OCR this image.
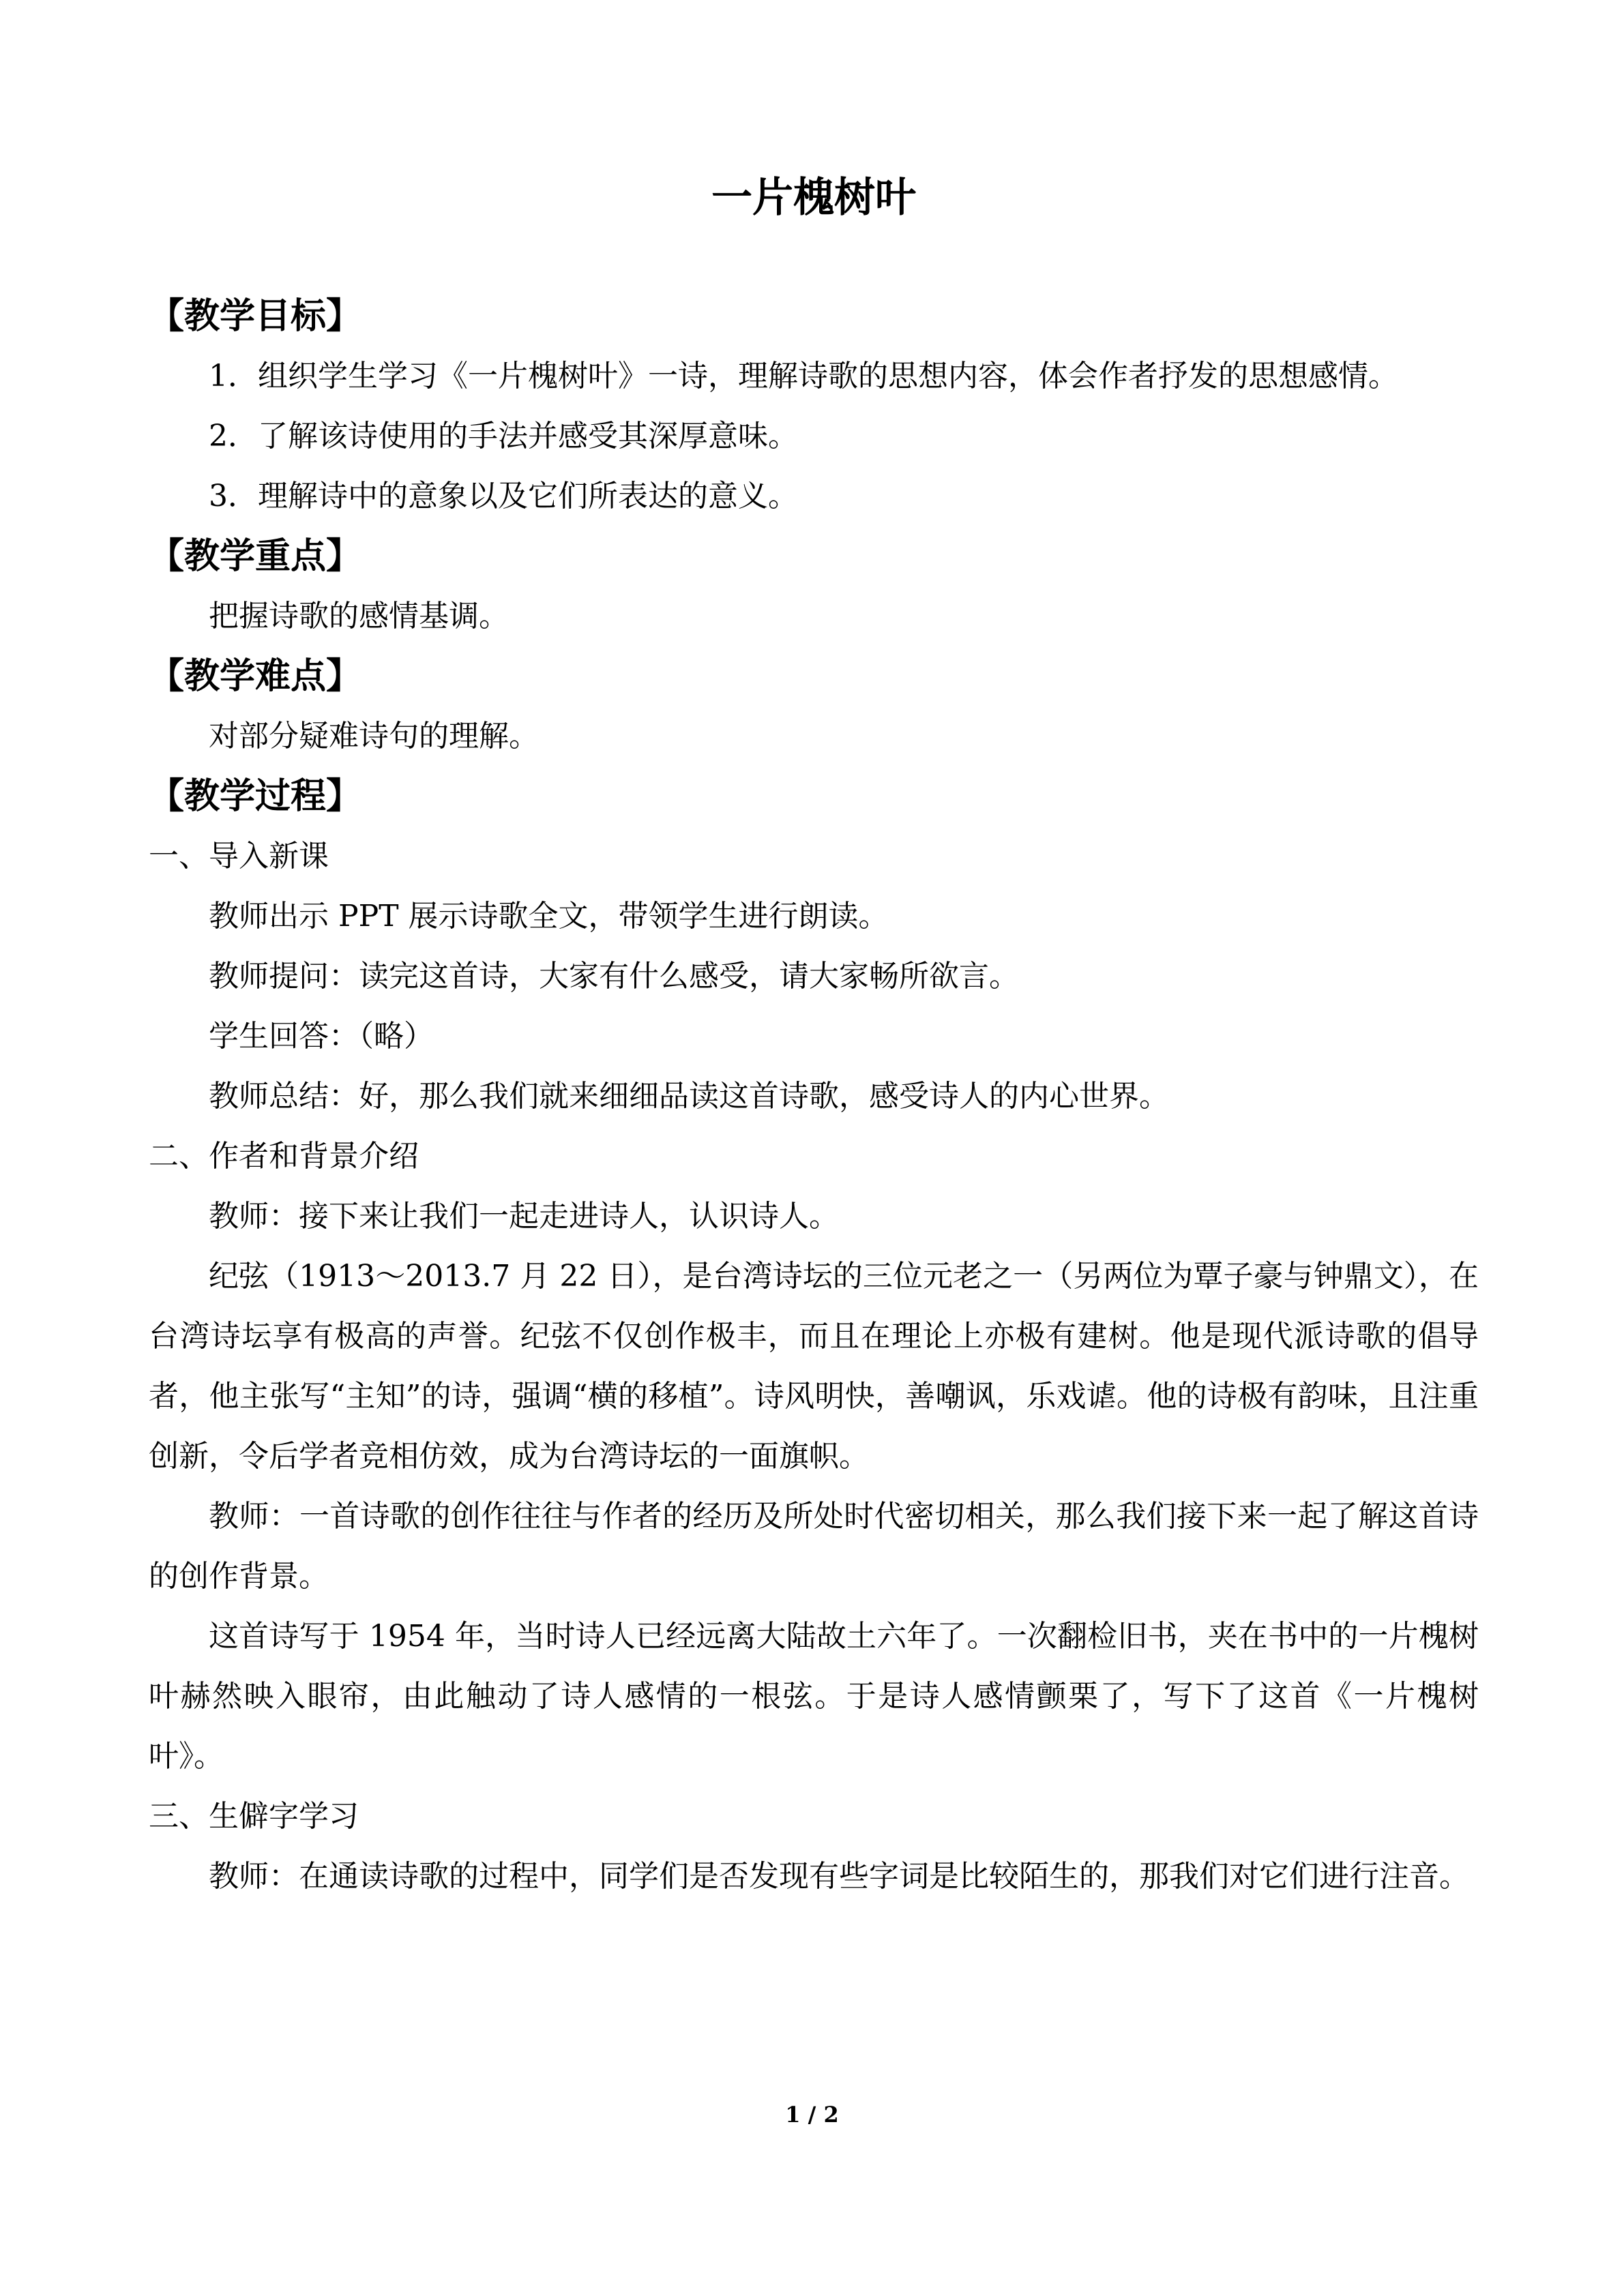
一片槐树叶
【教学目标】

1．组织学生学习《一片槐树叶》一诗，理解诗歌的思想内容，体会作者抒发的思想感情。

2．了解该诗使用的手法并感受其深厚意味。

3．理解诗中的意象以及它们所表达的意义。

【教学重点】

把握诗歌的感情基调。

【教学难点】

对部分疑难诗句的理解。

【教学过程】

一、导入新课

教师出示 PPT 展示诗歌全文，带领学生进行朗读。

教师提问：读完这首诗，大家有什么感受，请大家畅所欲言。

学生回答：（略）

教师总结：好，那么我们就来细细品读这首诗歌，感受诗人的内心世界。

二、作者和背景介绍

教师：接下来让我们一起走进诗人，认识诗人。

纪弦（1913～2013.7 月 22 日），是台湾诗坛的三位元老之一（另两位为覃子豪与钟鼎文），在台湾诗坛享有极高的声誉。纪弦不仅创作极丰，而且在理论上亦极有建树。他是现代派诗歌的倡导者，他主张写“主知”的诗，强调“横的移植”。诗风明快，善嘲讽，乐戏谑。他的诗极有韵味，且注重创新，令后学者竞相仿效，成为台湾诗坛的一面旗帜。

教师：一首诗歌的创作往往与作者的经历及所处时代密切相关，那么我们接下来一起了解这首诗的创作背景。

这首诗写于 1954 年，当时诗人已经远离大陆故土六年了。一次翻检旧书，夹在书中的一片槐树叶赫然映入眼帘，由此触动了诗人感情的一根弦。于是诗人感情颤栗了，写下了这首《一片槐树叶》。

三、生僻字学习

教师：在通读诗歌的过程中，同学们是否发现有些字词是比较陌生的，那我们对它们进行注音。

1 / 2
